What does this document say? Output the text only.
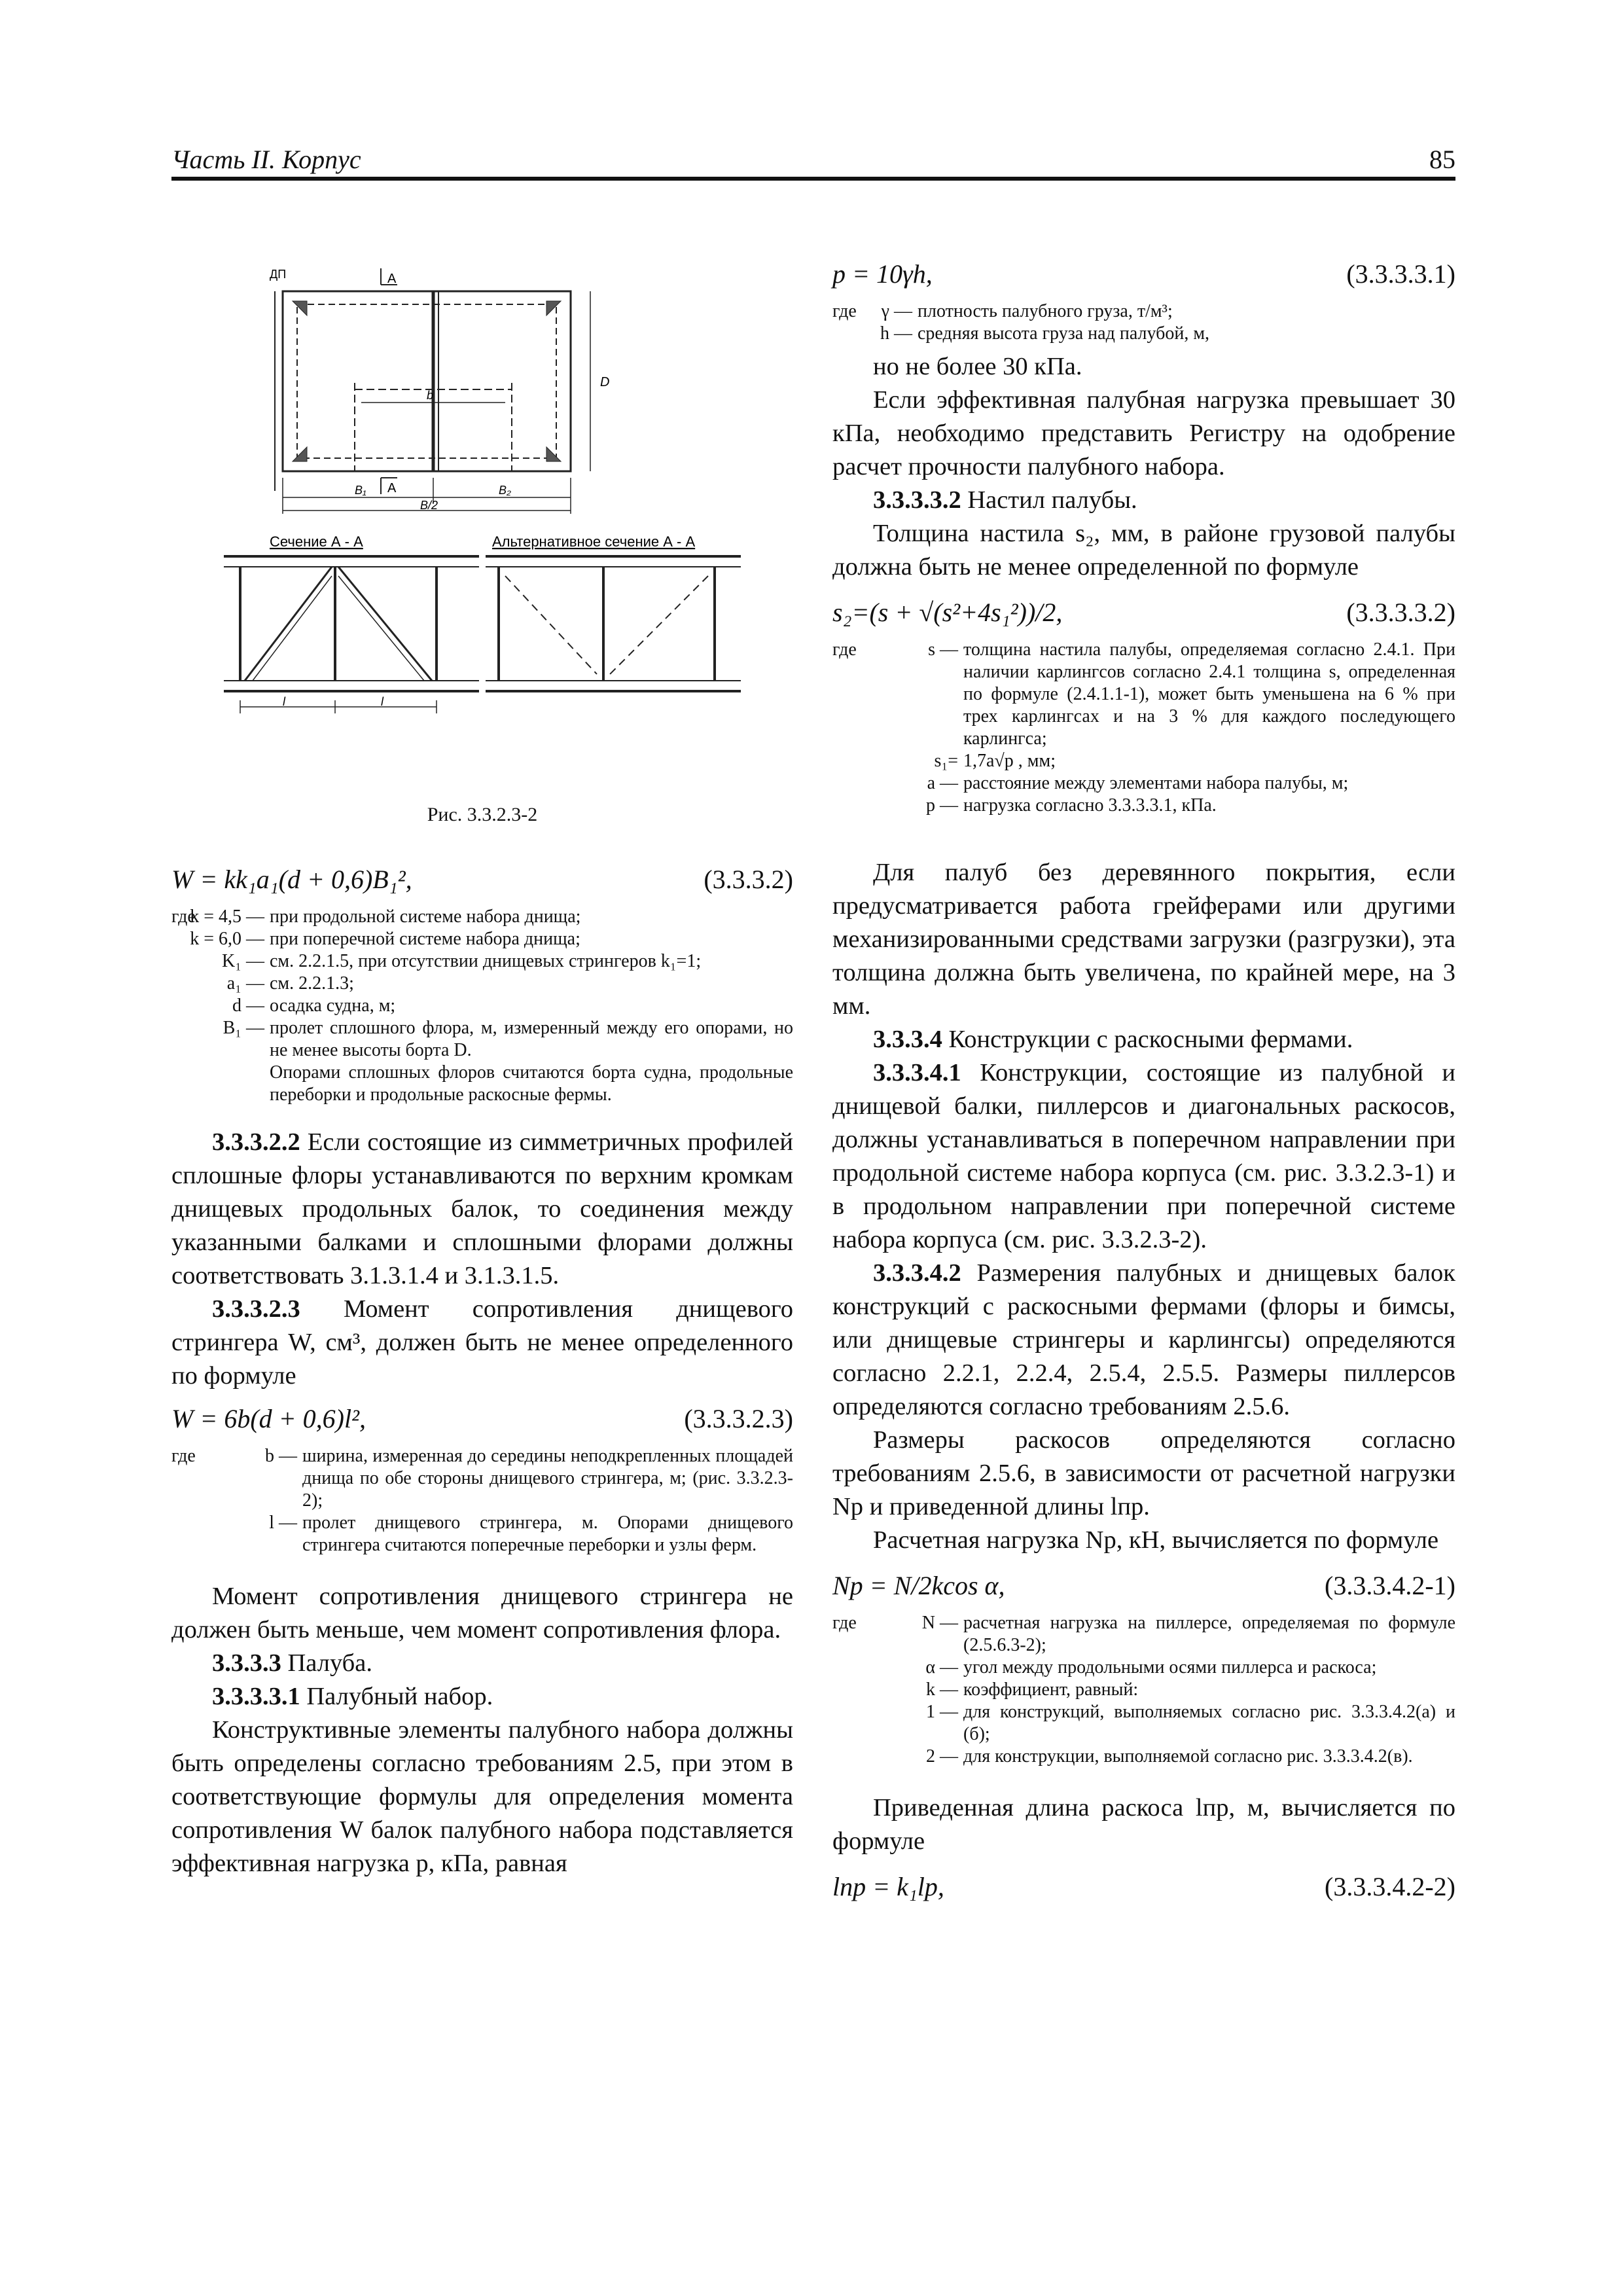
Часть II. Корпус	85
ДП	А
А
D
b
B₁	B₂
B/2
Сечение А - А	Альтернативное сечение А - А
l	l
Рис. 3.3.2.3-2
W = kk₁a₁(d + 0,6)B₁²,	(3.3.3.2)
где
k = 4,5 — при продольной системе набора днища;
k = 6,0 — при поперечной системе набора днища;
K₁ — см. 2.2.1.5, при отсутствии днищевых стрингеров k₁=1;
a₁ — см. 2.2.1.3;
d — осадка судна, м;
B₁ — пролет сплошного флора, м, измеренный между его опорами, но не менее высоты борта D.
Опорами сплошных флоров считаются борта судна, продольные переборки и продольные раскосные фермы.

3.3.3.2.2 Если состоящие из симметричных профилей сплошные флоры устанавливаются по верхним кромкам днищевых продольных балок, то соединения между указанными балками и сплошными флорами должны соответствовать 3.1.3.1.4 и 3.1.3.1.5.

3.3.3.2.3 Момент сопротивления днищевого стрингера W, см³, должен быть не менее определенного по формуле

W = 6b(d + 0,6)l²,	(3.3.3.2.3)
где	b — ширина, измеренная до середины неподкрепленных площадей днища по обе стороны днищевого стрингера, м; (рис. 3.3.2.3-2);
l — пролет днищевого стрингера, м. Опорами днищевого стрингера считаются поперечные переборки и узлы ферм.

Момент сопротивления днищевого стрингера не должен быть меньше, чем момент сопротивления флора.

3.3.3.3 Палуба.

3.3.3.3.1 Палубный набор.

Конструктивные элементы палубного набора должны быть определены согласно требованиям 2.5, при этом в соответствующие формулы для определения момента сопротивления W балок палубного набора подставляется эффективная нагрузка p, кПа, равная

p = 10γh,	(3.3.3.3.1)
где	γ — плотность палубного груза, т/м³;
h — средняя высота груза над палубой, м,

но не более 30 кПа.

Если эффективная палубная нагрузка превышает 30 кПа, необходимо представить Регистру на одобрение расчет прочности палубного набора.

3.3.3.3.2 Настил палубы.

Толщина настила s₂, мм, в районе грузовой палубы должна быть не менее определенной по формуле

s₂=(s + √(s²+4s₁²))/2,	(3.3.3.3.2)
где	s — толщина настила палубы, определяемая согласно 2.4.1. При наличии карлингсов согласно 2.4.1 толщина s, определенная по формуле (2.4.1.1-1), может быть уменьшена на 6 % при трех карлингсах и на 3 % для каждого последующего карлингса;
s₁= 1,7a√p , мм;
a — расстояние между элементами набора палубы, м;
p — нагрузка согласно 3.3.3.3.1, кПа.

Для палуб без деревянного покрытия, если предусматривается работа грейферами или другими механизированными средствами загрузки (разгрузки), эта толщина должна быть увеличена, по крайней мере, на 3 мм.

3.3.3.4 Конструкции с раскосными фермами.

3.3.3.4.1 Конструкции, состоящие из палубной и днищевой балки, пиллерсов и диагональных раскосов, должны устанавливаться в поперечном направлении при продольной системе набора корпуса (см. рис. 3.3.2.3-1) и в продольном направлении при поперечной системе набора корпуса (см. рис. 3.3.2.3-2).

3.3.3.4.2 Размерения палубных и днищевых балок конструкций с раскосными фермами (флоры и бимсы, или днищевые стрингеры и карлингсы) определяются согласно 2.2.1, 2.2.4, 2.5.4, 2.5.5. Размеры пиллерсов определяются согласно требованиям 2.5.6.

Размеры раскосов определяются согласно требованиям 2.5.6, в зависимости от расчетной нагрузки Nр и приведенной длины lпр.

Расчетная нагрузка Nр, кН, вычисляется по формуле

Nр = N/2kcos α,	(3.3.3.4.2-1)
где	N — расчетная нагрузка на пиллерсе, определяемая по формуле (2.5.6.3-2);
α — угол между продольными осями пиллерса и раскоса;
k — коэффициент, равный:
1 — для конструкций, выполняемых согласно рис. 3.3.3.4.2(а) и (б);
2 — для конструкции, выполняемой согласно рис. 3.3.3.4.2(в).

Приведенная длина раскоса lпр, м, вычисляется по формуле

lпр = k₁lр,	(3.3.3.4.2-2)
